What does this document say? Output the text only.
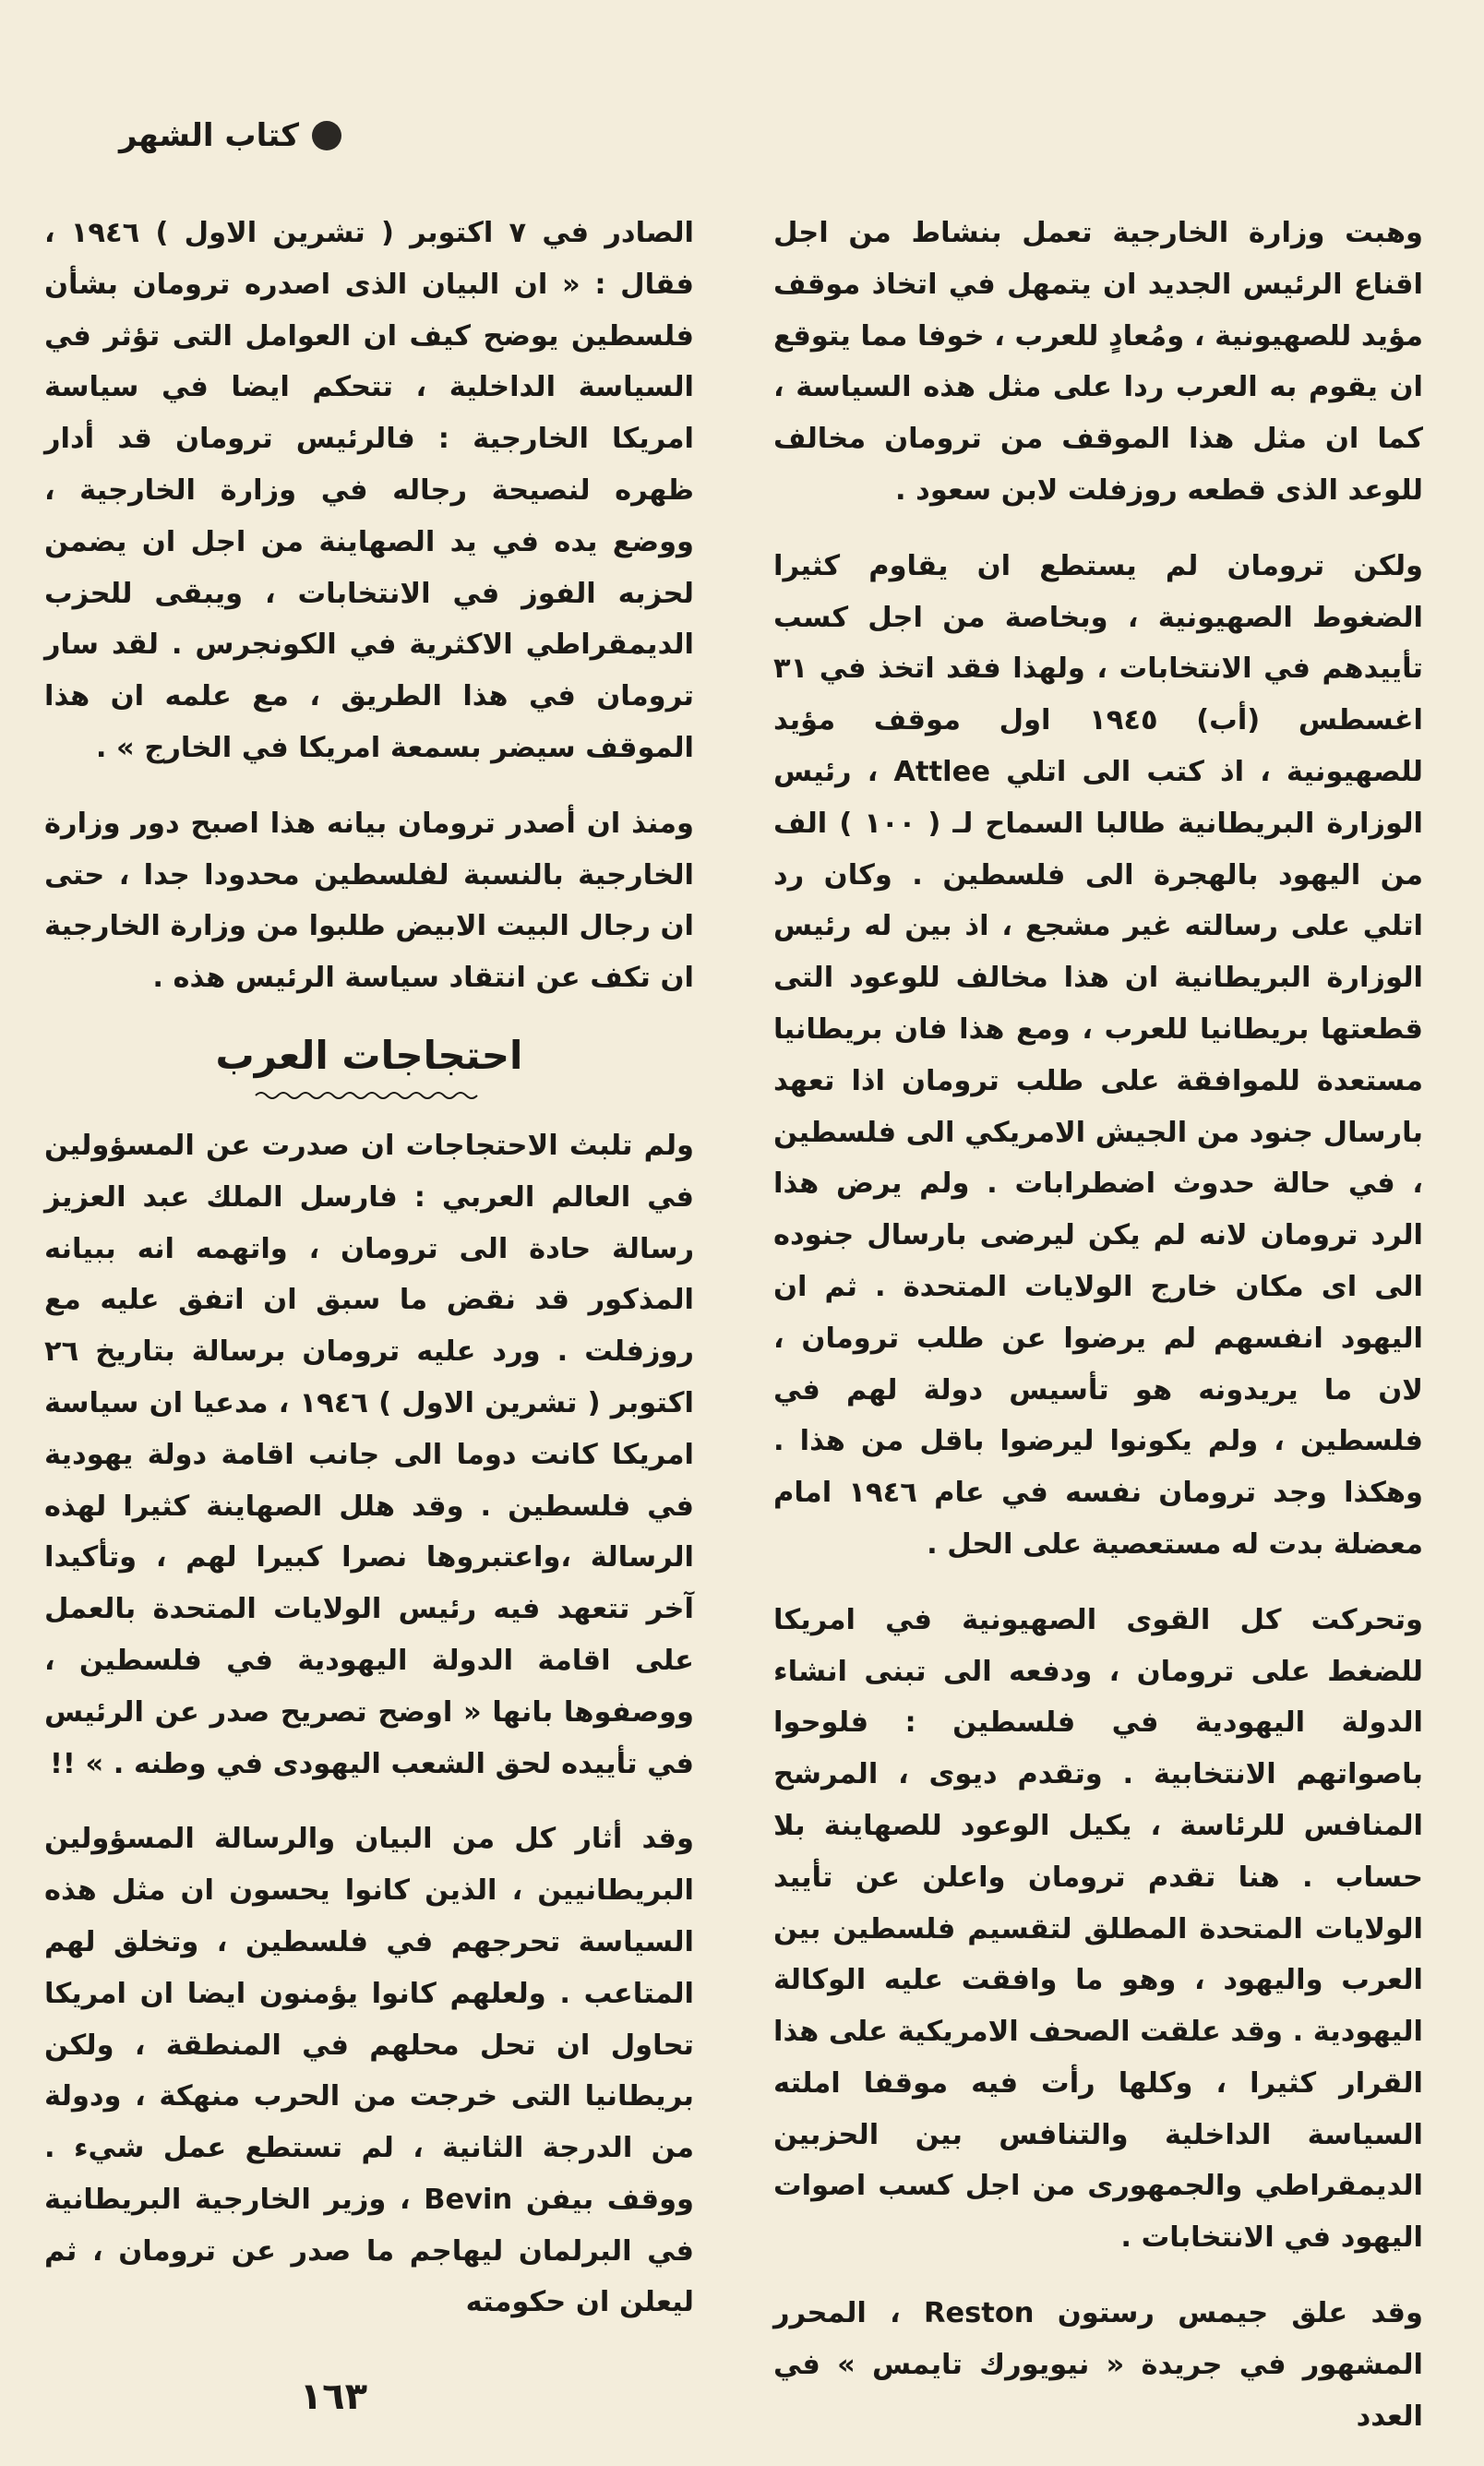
كتاب الشهر

وهبت وزارة الخارجية تعمل بنشاط من اجل اقناع الرئيس الجديد ان يتمهل في اتخاذ موقف مؤيد للصهيونية ، ومُعادٍ للعرب ، خوفا مما يتوقع ان يقوم به العرب ردا على مثل هذه السياسة ، كما ان مثل هذا الموقف من ترومان مخالف للوعد الذى قطعه روزفلت لابن سعود .

ولكن ترومان لم يستطع ان يقاوم كثيرا الضغوط الصهيونية ، وبخاصة من اجل كسب تأييدهم في الانتخابات ، ولهذا فقد اتخذ في ٣١ اغسطس (أب) ١٩٤٥ اول موقف مؤيد للصهيونية ، اذ كتب الى اتلي Attlee ، رئيس الوزارة البريطانية طالبا السماح لـ ( ١٠٠ ) الف من اليهود بالهجرة الى فلسطين . وكان رد اتلي على رسالته غير مشجع ، اذ بين له رئيس الوزارة البريطانية ان هذا مخالف للوعود التى قطعتها بريطانيا للعرب ، ومع هذا فان بريطانيا مستعدة للموافقة على طلب ترومان اذا تعهد بارسال جنود من الجيش الامريكي الى فلسطين ، في حالة حدوث اضطرابات . ولم يرض هذا الرد ترومان لانه لم يكن ليرضى بارسال جنوده الى اى مكان خارج الولايات المتحدة . ثم ان اليهود انفسهم لم يرضوا عن طلب ترومان ، لان ما يريدونه هو تأسيس دولة لهم في فلسطين ، ولم يكونوا ليرضوا باقل من هذا . وهكذا وجد ترومان نفسه في عام ١٩٤٦ امام معضلة بدت له مستعصية على الحل .

وتحركت كل القوى الصهيونية في امريكا للضغط على ترومان ، ودفعه الى تبنى انشاء الدولة اليهودية في فلسطين : فلوحوا باصواتهم الانتخابية . وتقدم ديوى ، المرشح المنافس للرئاسة ، يكيل الوعود للصهاينة بلا حساب . هنا تقدم ترومان واعلن عن تأييد الولايات المتحدة المطلق لتقسيم فلسطين بين العرب واليهود ، وهو ما وافقت عليه الوكالة اليهودية . وقد علقت الصحف الامريكية على هذا القرار كثيرا ، وكلها رأت فيه موقفا املته السياسة الداخلية والتنافس بين الحزبين الديمقراطي والجمهورى من اجل كسب اصوات اليهود في الانتخابات .

وقد علق جيمس رستون Reston ، المحرر المشهور في جريدة « نيويورك تايمس » في العدد

الصادر في ٧ اكتوبر ( تشرين الاول ) ١٩٤٦ ، فقال : « ان البيان الذى اصدره ترومان بشأن فلسطين يوضح كيف ان العوامل التى تؤثر في السياسة الداخلية ، تتحكم ايضا في سياسة امريكا الخارجية : فالرئيس ترومان قد أدار ظهره لنصيحة رجاله في وزارة الخارجية ، ووضع يده في يد الصهاينة من اجل ان يضمن لحزبه الفوز في الانتخابات ، ويبقى للحزب الديمقراطي الاكثرية في الكونجرس . لقد سار ترومان في هذا الطريق ، مع علمه ان هذا الموقف سيضر بسمعة امريكا في الخارج » .

ومنذ ان أصدر ترومان بيانه هذا اصبح دور وزارة الخارجية بالنسبة لفلسطين محدودا جدا ، حتى ان رجال البيت الابيض طلبوا من وزارة الخارجية ان تكف عن انتقاد سياسة الرئيس هذه .

احتجاجات العرب

ولم تلبث الاحتجاجات ان صدرت عن المسؤولين في العالم العربي : فارسل الملك عبد العزيز رسالة حادة الى ترومان ، واتهمه انه ببيانه المذكور قد نقض ما سبق ان اتفق عليه مع روزفلت . ورد عليه ترومان برسالة بتاريخ ٢٦ اكتوبر ( تشرين الاول ) ١٩٤٦ ، مدعيا ان سياسة امريكا كانت دوما الى جانب اقامة دولة يهودية في فلسطين . وقد هلل الصهاينة كثيرا لهذه الرسالة ،واعتبروها نصرا كبيرا لهم ، وتأكيدا آخر تتعهد فيه رئيس الولايات المتحدة بالعمل على اقامة الدولة اليهودية في فلسطين ، ووصفوها بانها « اوضح تصريح صدر عن الرئيس في تأييده لحق الشعب اليهودى في وطنه . » !!

وقد أثار كل من البيان والرسالة المسؤولين البريطانيين ، الذين كانوا يحسون ان مثل هذه السياسة تحرجهم في فلسطين ، وتخلق لهم المتاعب . ولعلهم كانوا يؤمنون ايضا ان امريكا تحاول ان تحل محلهم في المنطقة ، ولكن بريطانيا التى خرجت من الحرب منهكة ، ودولة من الدرجة الثانية ، لم تستطع عمل شيء . ووقف بيفن Bevin ، وزير الخارجية البريطانية في البرلمان ليهاجم ما صدر عن ترومان ، ثم ليعلن ان حكومته

١٦٣
